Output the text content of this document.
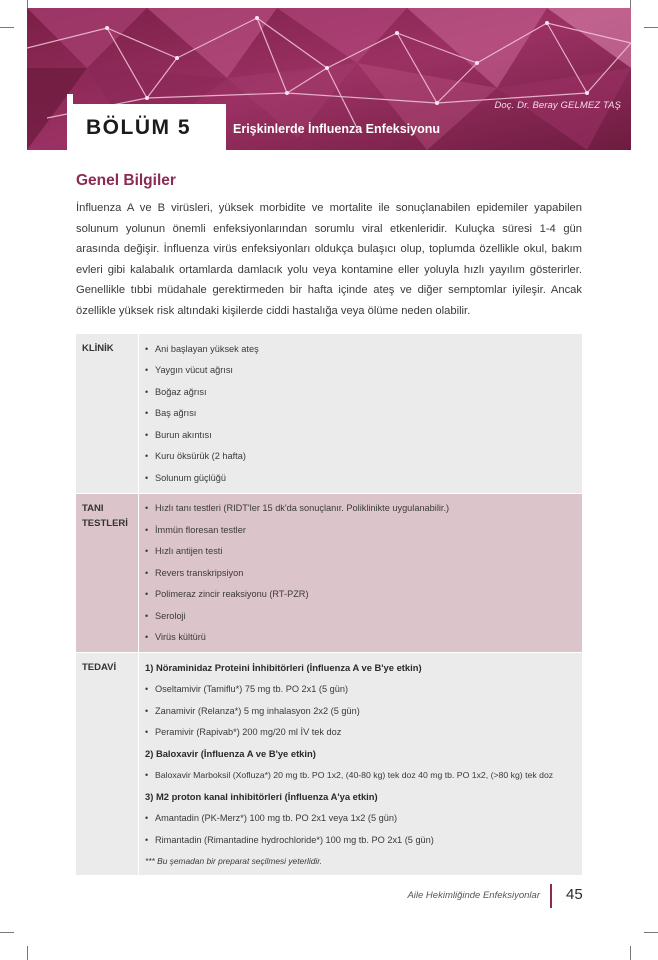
Doç. Dr. Beray GELMEZ TAŞ
BÖLÜM 5	Erişkinlerde İnfluenza Enfeksiyonu
Genel Bilgiler

İnfluenza A ve B virüsleri, yüksek morbidite ve mortalite ile sonuçlanabilen epidemiler yapabilen solunum yolunun önemli enfeksiyonlarından sorumlu viral etkenleridir. Kuluçka süresi 1-4 gün arasında değişir. İnfluenza virüs enfeksiyonları oldukça bulaşıcı olup, toplumda özellikle okul, bakım evleri gibi kalabalık ortamlarda damlacık yolu veya kontamine eller yoluyla hızlı yayılım gösterirler. Genellikle tıbbi müdahale gerektirmeden bir hafta içinde ateş ve diğer semptomlar iyileşir. Ancak özellikle yüksek risk altındaki kişilerde ciddi hastalığa veya ölüme neden olabilir.

KLİNİK	• Ani başlayan yüksek ateş
• Yaygın vücut ağrısı
• Boğaz ağrısı
• Baş ağrısı
• Burun akıntısı
• Kuru öksürük (2 hafta)
• Solunum güçlüğü
TANI
TESTLERİ
• Hızlı tanı testleri (RIDT'ler 15 dk'da sonuçlanır. Poliklinikte uygulanabilir.)
• İmmün floresan testler
• Hızlı antijen testi
• Revers transkripsiyon
• Polimeraz zincir reaksiyonu (RT-PZR)
• Seroloji
• Virüs kültürü
TEDAVİ	1) Nöraminidaz Proteini İnhibitörleri (İnfluenza A ve B'ye etkin)
• Oseltamivir (Tamiflu*) 75 mg tb. PO 2x1 (5 gün)
• Zanamivir (Relanza*) 5 mg inhalasyon 2x2 (5 gün)
• Peramivir (Rapivab*) 200 mg/20 ml İV tek doz
2) Baloxavir (İnfluenza A ve B'ye etkin)
• Baloxavir Marboksil (Xofluza*) 20 mg tb. PO 1x2, (40-80 kg) tek doz 40 mg tb. PO 1x2, (>80 kg) tek doz
3) M2 proton kanal inhibitörleri (İnfluenza A'ya etkin)
• Amantadin (PK-Merz*) 100 mg tb. PO 2x1 veya 1x2 (5 gün)
• Rimantadin (Rimantadine hydrochloride*) 100 mg tb. PO 2x1 (5 gün)
*** Bu şemadan bir preparat seçilmesi yeterlidir.
Aile Hekimliğinde Enfeksiyonlar 45
